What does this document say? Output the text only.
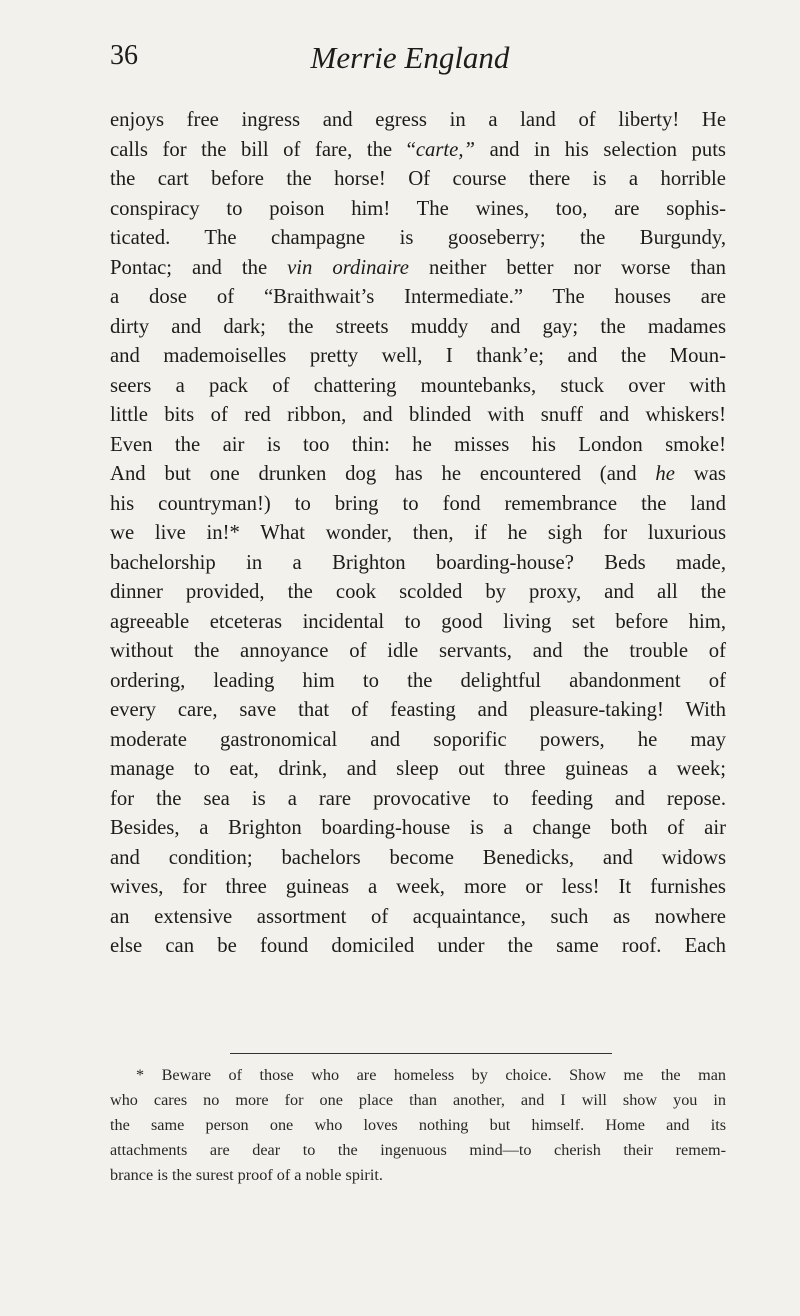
36	Merrie England
enjoys free ingress and egress in a land of liberty! He
calls for the bill of fare, the “carte,” and in his selection puts
the cart before the horse! Of course there is a horrible
conspiracy to poison him! The wines, too, are sophis-
ticated. The champagne is gooseberry; the Burgundy,
Pontac; and the vin ordinaire neither better nor worse than
a dose of “Braithwait’s Intermediate.” The houses are
dirty and dark; the streets muddy and gay; the madames
and mademoiselles pretty well, I thank’e; and the Moun-
seers a pack of chattering mountebanks, stuck over with
little bits of red ribbon, and blinded with snuff and whiskers!
Even the air is too thin: he misses his London smoke!
And but one drunken dog has he encountered (and he was
his countryman!) to bring to fond remembrance the land
we live in!* What wonder, then, if he sigh for luxurious
bachelorship in a Brighton boarding-house? Beds made,
dinner provided, the cook scolded by proxy, and all the
agreeable etceteras incidental to good living set before him,
without the annoyance of idle servants, and the trouble of
ordering, leading him to the delightful abandonment of
every care, save that of feasting and pleasure-taking! With
moderate gastronomical and soporific powers, he may
manage to eat, drink, and sleep out three guineas a week;
for the sea is a rare provocative to feeding and repose.
Besides, a Brighton boarding-house is a change both of air
and condition; bachelors become Benedicks, and widows
wives, for three guineas a week, more or less! It furnishes
an extensive assortment of acquaintance, such as nowhere
else can be found domiciled under the same roof. Each
* Beware of those who are homeless by choice. Show me the man
who cares no more for one place than another, and I will show you in
the same person one who loves nothing but himself. Home and its
attachments are dear to the ingenuous mind—to cherish their remem-
brance is the surest proof of a noble spirit.
